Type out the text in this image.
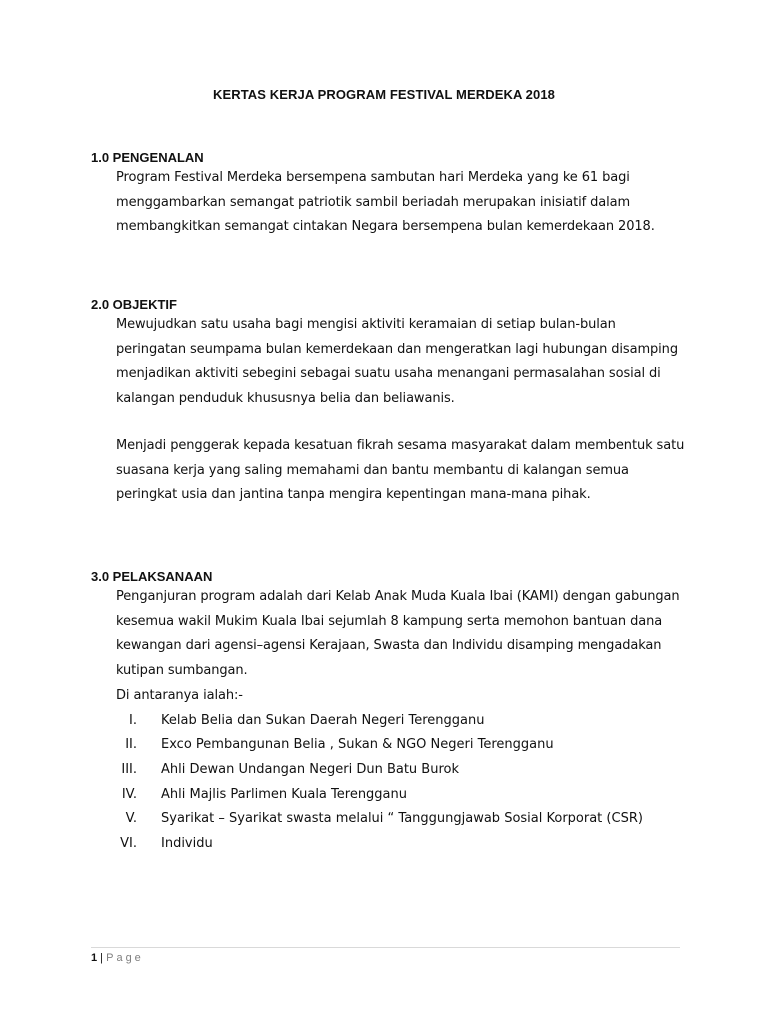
KERTAS KERJA PROGRAM FESTIVAL MERDEKA 2018

1.0 PENGENALAN

Program Festival Merdeka bersempena sambutan hari Merdeka yang ke 61 bagi menggambarkan semangat patriotik sambil beriadah merupakan inisiatif dalam membangkitkan semangat cintakan Negara bersempena bulan kemerdekaan 2018.

2.0 OBJEKTIF

Mewujudkan satu usaha bagi mengisi aktiviti keramaian di setiap bulan-bulan peringatan seumpama bulan kemerdekaan dan mengeratkan lagi hubungan disamping menjadikan aktiviti sebegini sebagai suatu usaha menangani permasalahan sosial di kalangan penduduk khususnya belia dan beliawanis.

Menjadi penggerak kepada kesatuan fikrah sesama masyarakat dalam membentuk satu suasana kerja yang saling memahami dan bantu membantu di kalangan semua peringkat usia dan jantina tanpa mengira kepentingan mana-mana pihak.

3.0 PELAKSANAAN

Penganjuran program adalah dari Kelab Anak Muda Kuala Ibai (KAMI) dengan gabungan kesemua wakil Mukim Kuala Ibai sejumlah 8 kampung serta memohon bantuan dana kewangan dari agensi–agensi Kerajaan, Swasta dan Individu disamping mengadakan kutipan sumbangan.

Di antaranya ialah:-

I.	Kelab Belia dan Sukan Daerah Negeri Terengganu
II.	Exco Pembangunan Belia , Sukan & NGO Negeri Terengganu
III.	Ahli Dewan Undangan Negeri Dun Batu Burok
IV.	Ahli Majlis Parlimen Kuala Terengganu
V.	Syarikat – Syarikat swasta melalui “ Tanggungjawab Sosial Korporat (CSR)
VI.	Individu
1 | Page
